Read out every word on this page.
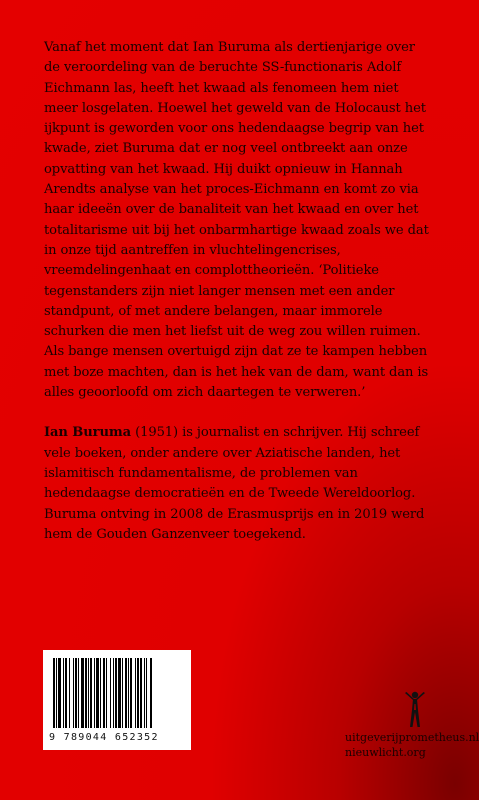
Vanaf het moment dat Ian Buruma als dertienjarige over de veroordeling van de beruchte SS-functionaris Adolf Eichmann las, heeft het kwaad als fenomeen hem niet meer losgelaten. Hoewel het geweld van de Holocaust het ijkpunt is geworden voor ons hedendaagse begrip van het kwade, ziet Buruma dat er nog veel ontbreekt aan onze opvatting van het kwaad. Hij duikt opnieuw in Hannah Arendts analyse van het proces-Eichmann en komt zo via haar ideeën over de banaliteit van het kwaad en over het totalitarisme uit bij het onbarmhartige kwaad zoals we dat in onze tijd aantreffen in vluchtelingencrises, vreemdelingenhaat en complottheorieën. ‘Politieke tegenstanders zijn niet langer mensen met een ander standpunt, of met andere belangen, maar immorele schurken die men het liefst uit de weg zou willen ruimen. Als bange mensen overtuigd zijn dat ze te kampen hebben met boze machten, dan is het hek van de dam, want dan is alles geoorloofd om zich daartegen te verweren.’

Ian Buruma (1951) is journalist en schrijver. Hij schreef vele boeken, onder andere over Aziatische landen, het islamitisch fundamentalisme, de problemen van hedendaagse democratieën en de Tweede Wereldoorlog. Buruma ontving in 2008 de Erasmusprijs en in 2019 werd hem de Gouden Ganzenveer toegekend.

9 789044 652352	uitgeverijprometheus.nl
nieuwlicht.org
